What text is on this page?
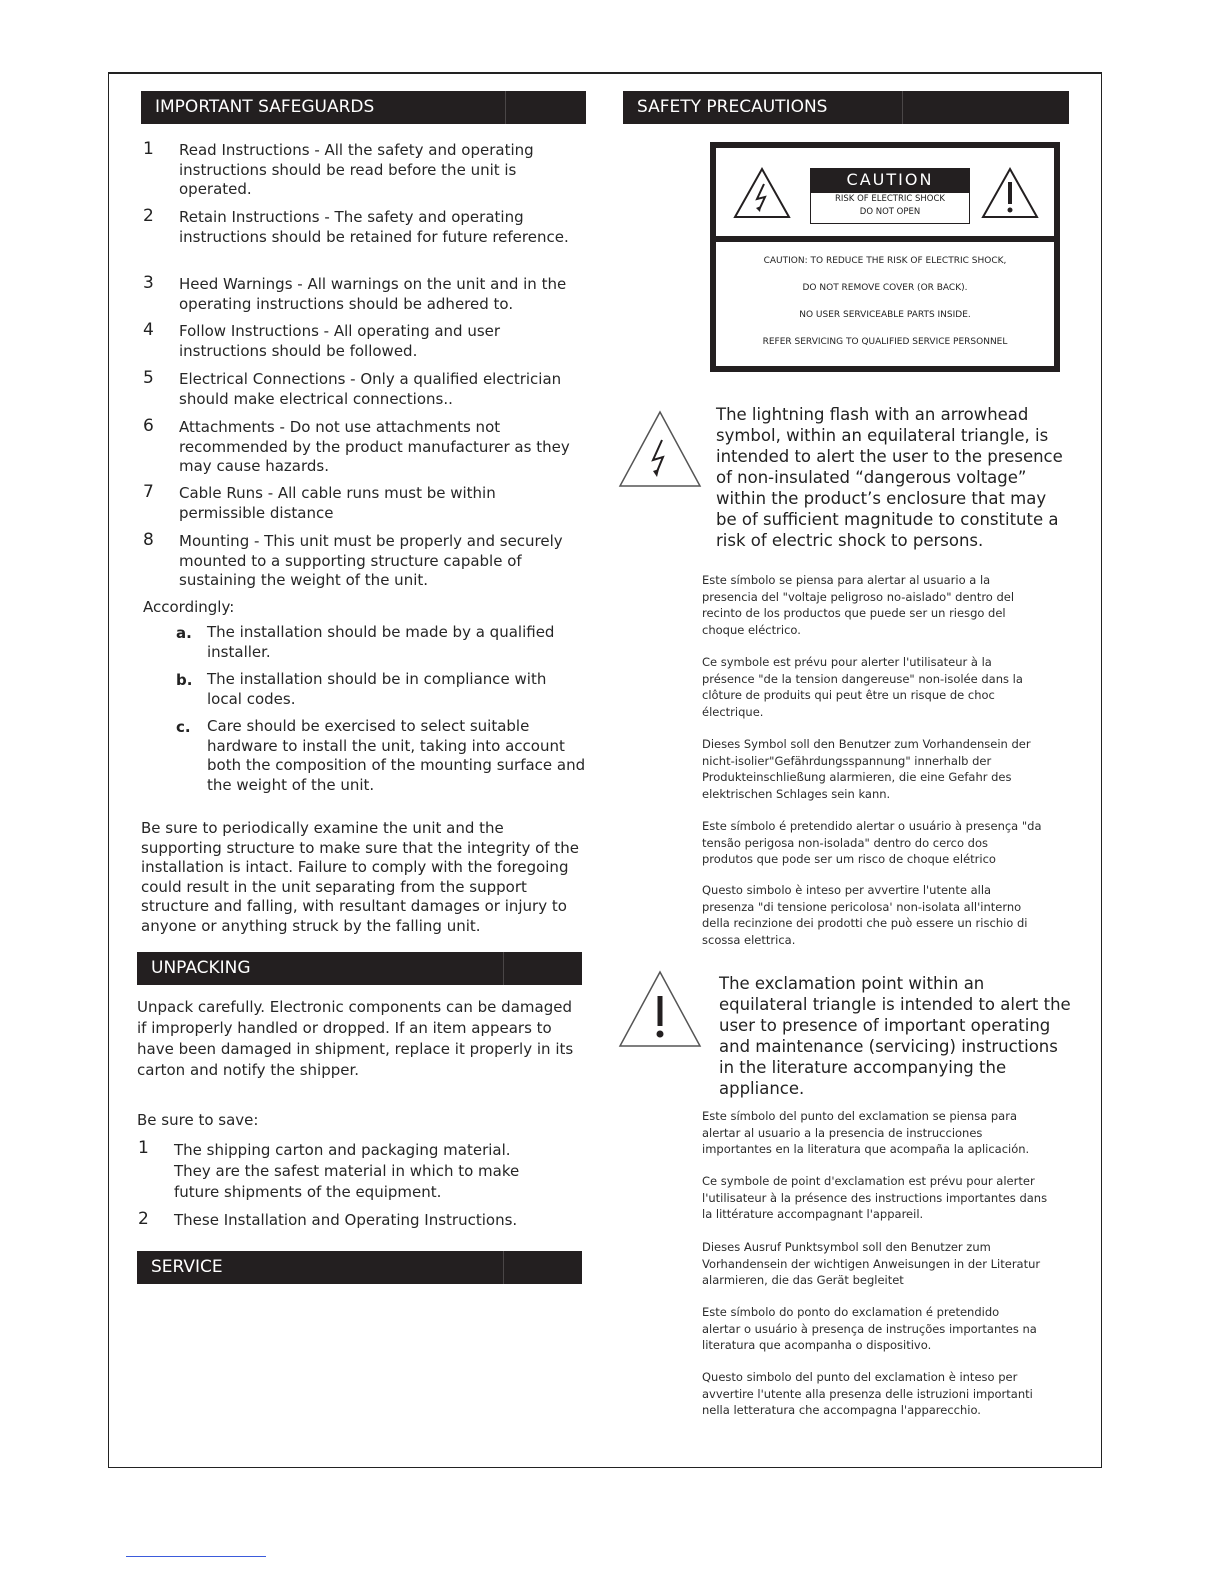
IMPORTANT SAFEGUARDS
1 Read Instructions - All the safety and operating instructions should be read before the unit is operated.
2 Retain Instructions - The safety and operating instructions should be retained for future reference.
3 Heed Warnings - All warnings on the unit and in the operating instructions should be adhered to.
4 Follow Instructions - All operating and user instructions should be followed.
5 Electrical Connections - Only a qualified electrician should make electrical connections..
6 Attachments - Do not use attachments not recommended by the product manufacturer as they may cause hazards.
7 Cable Runs - All cable runs must be within permissible distance
8 Mounting - This unit must be properly and securely mounted to a supporting structure capable of sustaining the weight of the unit.
Accordingly:
a. The installation should be made by a qualified installer.
b. The installation should be in compliance with local codes.
c. Care should be exercised to select suitable hardware to install the unit, taking into account both the composition of the mounting surface and the weight of the unit.
Be sure to periodically examine the unit and the supporting structure to make sure that the integrity of the installation is intact. Failure to comply with the foregoing could result in the unit separating from the support structure and falling, with resultant damages or injury to anyone or anything struck by the falling unit.
UNPACKING
Unpack carefully. Electronic components can be damaged if improperly handled or dropped. If an item appears to have been damaged in shipment, replace it properly in its carton and notify the shipper.
Be sure to save:
1 The shipping carton and packaging material. They are the safest material in which to make future shipments of the equipment.
2 These Installation and Operating Instructions.
SERVICE
SAFETY PRECAUTIONS
CAUTION
RISK OF ELECTRIC SHOCK
DO NOT OPEN
CAUTION: TO REDUCE THE RISK OF ELECTRIC SHOCK,
DO NOT REMOVE COVER (OR BACK).
NO USER SERVICEABLE PARTS INSIDE.
REFER SERVICING TO QUALIFIED SERVICE PERSONNEL
The lightning flash with an arrowhead symbol, within an equilateral triangle, is intended to alert the user to the presence of non-insulated “dangerous voltage” within the product’s enclosure that may be of sufficient magnitude to constitute a risk of electric shock to persons.
Este símbolo se piensa para alertar al usuario a la
presencia del "voltaje peligroso no-aislado" dentro del
recinto de los productos que puede ser un riesgo del
choque eléctrico.
Ce symbole est prévu pour alerter l'utilisateur à la
présence "de la tension dangereuse" non-isolée dans la
clôture de produits qui peut être un risque de choc
électrique.
Dieses Symbol soll den Benutzer zum Vorhandensein der
nicht-isolier"Gefährdungsspannung" innerhalb der
Produkteinschließung alarmieren, die eine Gefahr des
elektrischen Schlages sein kann.
Este símbolo é pretendido alertar o usuário à presença "da
tensão perigosa non-isolada" dentro do cerco dos
produtos que pode ser um risco de choque elétrico
Questo simbolo è inteso per avvertire l'utente alla
presenza "di tensione pericolosa' non-isolata all'interno
della recinzione dei prodotti che può essere un rischio di
scossa elettrica.
The exclamation point within an equilateral triangle is intended to alert the user to presence of important operating and maintenance (servicing) instructions in the literature accompanying the appliance.
Este símbolo del punto del exclamation se piensa para
alertar al usuario a la presencia de instrucciones
importantes en la literatura que acompaña la aplicación.
Ce symbole de point d'exclamation est prévu pour alerter
l'utilisateur à la présence des instructions importantes dans
la littérature accompagnant l'appareil.
Dieses Ausruf Punktsymbol soll den Benutzer zum
Vorhandensein der wichtigen Anweisungen in der Literatur
alarmieren, die das Gerät begleitet
Este símbolo do ponto do exclamation é pretendido
alertar o usuário à presença de instruções importantes na
literatura que acompanha o dispositivo.
Questo simbolo del punto del exclamation è inteso per
avvertire l'utente alla presenza delle istruzioni importanti
nella letteratura che accompagna l'apparecchio.
